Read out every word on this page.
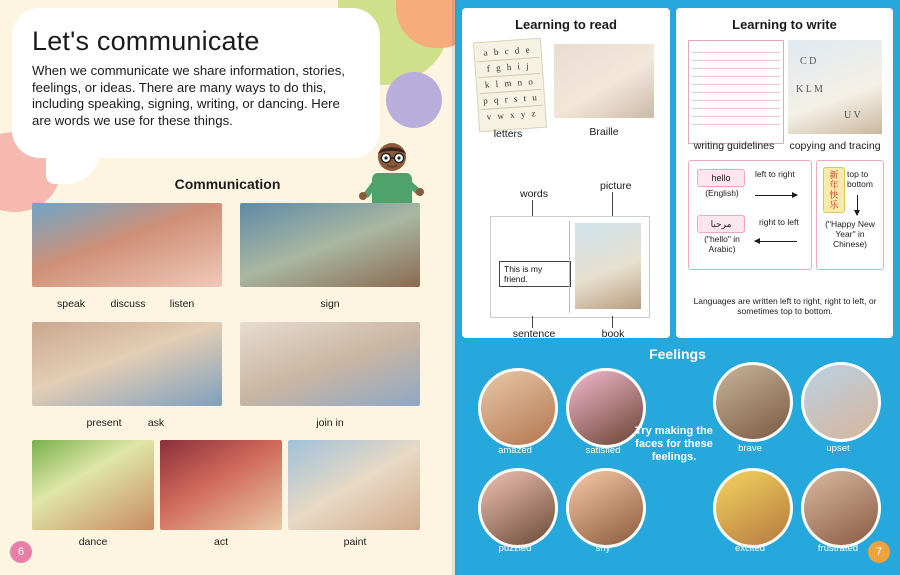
Let's communicate

When we communicate we share information, stories, feelings, or ideas. There are many ways to do this, including speaking, signing, writing, or dancing. Here are words we use for these things.

Communication
speak	discuss	listen	sign
present	ask	join in
dance	act	paint
6
Learning to read
a b c d e
f g h i j
k l m n o
p q r s t u
v w x y z
letters	Braille
words
picture
This is my friend.
sentence	book
Learning to write
writing guidelines
C D
K L M
U V
copying and tracing
hello
(English)
left to right
مرحبا
("hello" in Arabic)
right to left
新年快乐	top to bottom
("Happy New Year" in Chinese)
Languages are written left to right, right to left, or sometimes top to bottom.
Feelings
amazed	satisfied	brave	upset
puzzled	shy	excited	frustrated
Try making the faces for these feelings.
7
